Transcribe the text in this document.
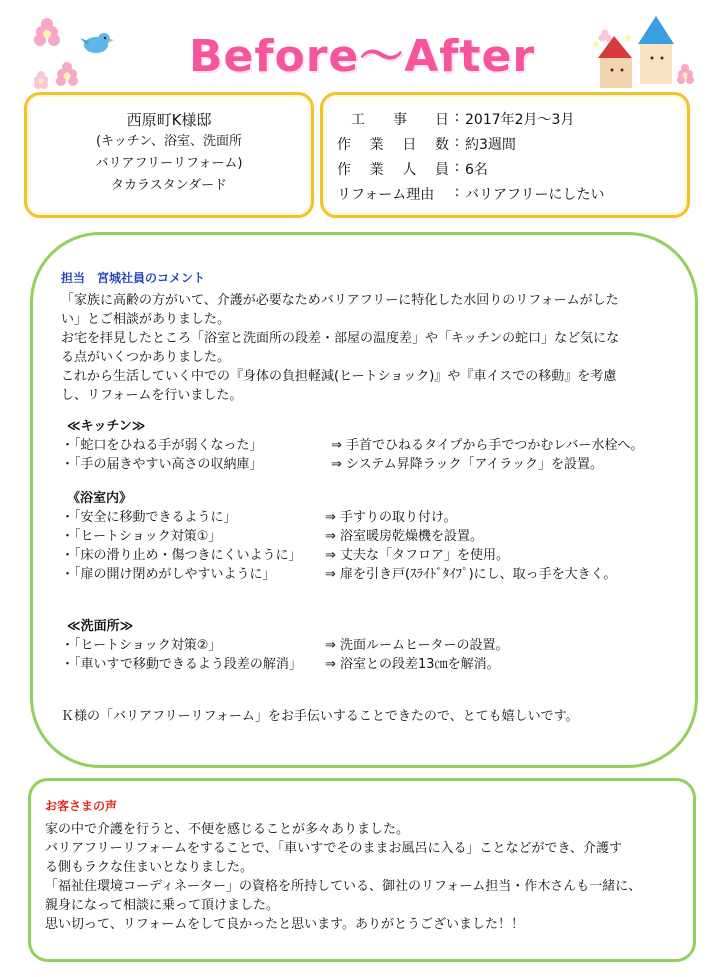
Before～After
西原町K様邸
(キッチン、浴室、洗面所
バリアフリーリフォーム)
タカラスタンダード
　工 事 日 : 2017年2月～3月
作 業 日 数 : 約3週間
作 業 人 員 : 6名
リフォーム理由	: バリアフリーにしたい
担当　宮城社員のコメント
「家族に高齢の方がいて、介護が必要なためバリアフリーに特化した水回りのリフォームがした
い」とご相談がありました。
お宅を拝見したところ「浴室と洗面所の段差・部屋の温度差」や「キッチンの蛇口」など気にな
る点がいくつかありました。
これから生活していく中での『身体の負担軽減(ヒートショック)』や『車イスでの移動』を考慮
し、リフォームを行いました。
≪キッチン≫
・「蛇口をひねる手が弱くなった」	⇒ 手首でひねるタイプから手でつかむレバー水栓へ。
・「手の届きやすい高さの収納庫」	⇒ システム昇降ラック「アイラック」を設置。
《浴室内》
・「安全に移動できるように」	⇒ 手すりの取り付け。
・「ヒートショック対策①」	⇒ 浴室暖房乾燥機を設置。
・「床の滑り止め・傷つきにくいように」 ⇒ 丈夫な「タフロア」を使用。
・「扉の開け閉めがしやすいように」	⇒ 扉を引き戸(ｽﾗｲﾄﾞﾀｲﾌﾟ)にし、取っ手を大きく。
≪洗面所≫
・「ヒートショック対策②」	⇒ 洗面ルームヒーターの設置。
・「車いすで移動できるよう段差の解消」 ⇒ 浴室との段差13㎝を解消。
Ｋ様の「バリアフリーリフォーム」をお手伝いすることできたので、とても嬉しいです。
お客さまの声
家の中で介護を行うと、不便を感じることが多々ありました。
バリアフリーリフォームをすることで、「車いすでそのままお風呂に入る」ことなどができ、介護す
る側もラクな住まいとなりました。
「福祉住環境コーディネーター」の資格を所持している、御社のリフォーム担当・作木さんも一緒に、
親身になって相談に乗って頂けました。
思い切って、リフォームをして良かったと思います。ありがとうございました！！
